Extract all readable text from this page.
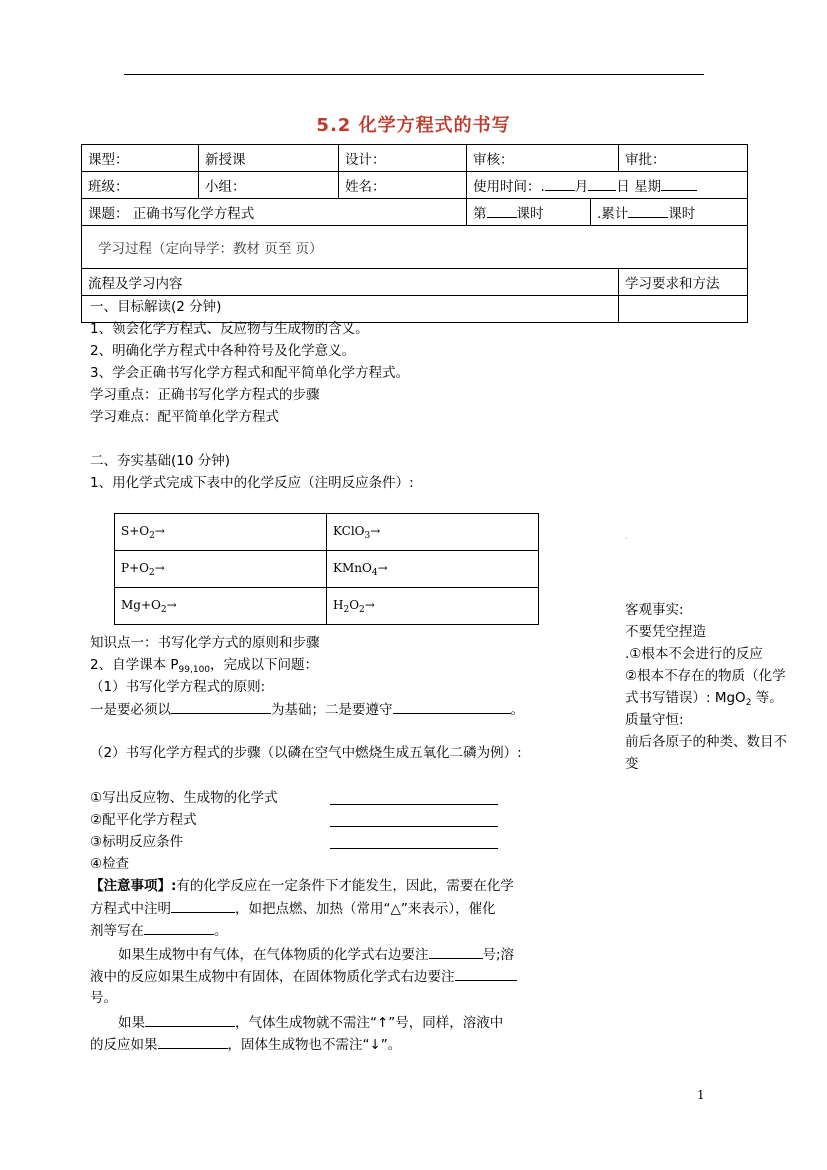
5.2 化学方程式的书写
课型：	新授课	设计：	审核：	审批：
班级：	小组：	姓名：	使用时间：. 月 日 星期
课题： 正确书写化学方程式	第 课时	.累计	课时
学习过程（定向导学：教材 页至 页）
流程及学习内容	学习要求和方法

一、目标解读(2 分钟)
1、领会化学方程式、反应物与生成物的含义。
2、明确化学方程式中各种符号及化学意义。
3、学会正确书写化学方程式和配平简单化学方程式。
学习重点：正确书写化学方程式的步骤
学习难点：配平简单化学方程式
二、夯实基础(10 分钟)
1、用化学式完成下表中的化学反应（注明反应条件）:
$S+O_2\to$	KClO$_3$→
$P+O_2\to$	KMnO$_4$→
$Mg+O_2\to$	$H_2O_2\to$
知识点一：书写化学方式的原则和步骤
2、自学课本 $P_{99,100}$，完成以下问题：
（1）书写化学方程式的原则:
一是要必须以	为基础；二是要遵守	。
（2）书写化学方程式的步骤（以磷在空气中燃烧生成五氧化二磷为例）:
①写出反应物、生成物的化学式
②配平化学方程式
③标明反应条件
④检查
【注意事项】:有的化学反应在一定条件下才能发生，因此，需要在化学
方程式中注明	，如把点燃、加热（常用“△”来表示），催化
剂等写在	。
如果生成物中有气体，在气体物质的化学式右边要注	号;溶
液中的反应如果生成物中有固体，在固体物质化学式右边要注
号。
如果	，气体生成物就不需注“↑”号，同样，溶液中
的反应如果	，固体生成物也不需注“↓”。

.
客观事实:
不要凭空捏造
.①根本不会进行的反应
②根本不存在的物质（化学
式书写错误）: MgO$_2$ 等。
质量守恒:
前后各原子的种类、数目不
变
1
